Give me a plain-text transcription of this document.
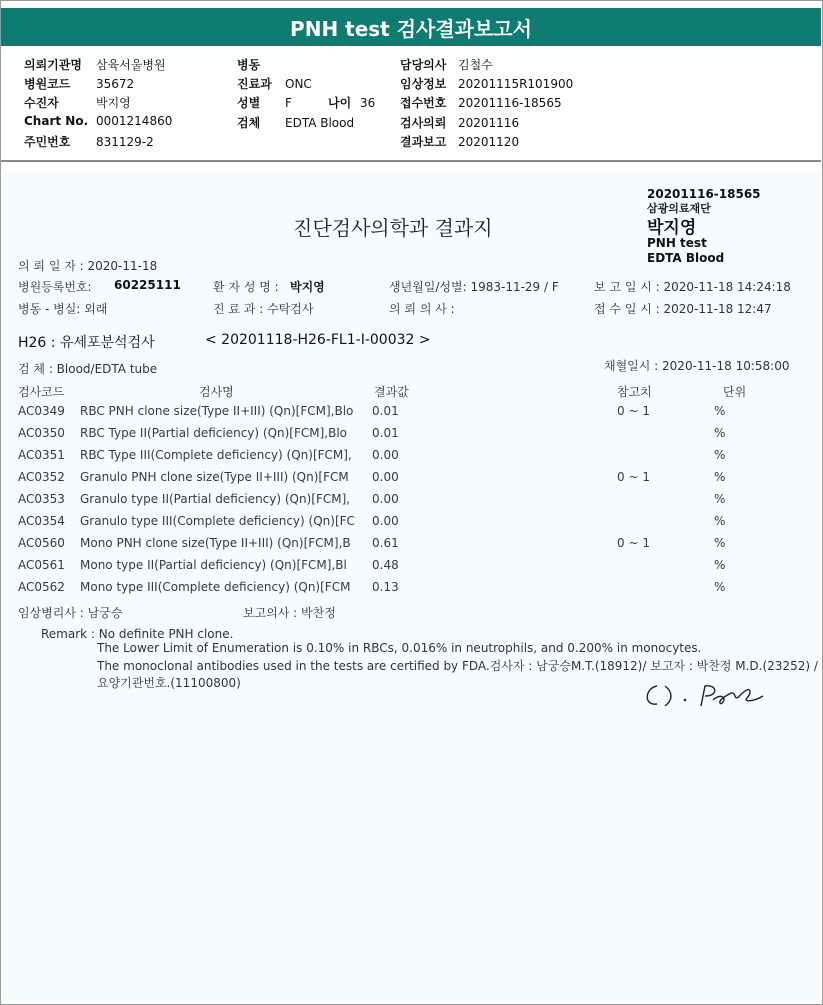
PNH test 검사결과보고서
의뢰기관명 삼육서울병원
병원코드 35672
수진자	박지영
Chart No. 0001214860
주민번호 831129-2
병동
진료과 ONC
성별 F	나이 36
검체 EDTA Blood
담당의사 김철수
임상정보 20201115R101900
접수번호 20201116-18565
검사의뢰 20201116
결과보고 20201120
20201116-18565
삼광의료재단
박지영
PNH test
EDTA Blood
진단검사의학과 결과지
의 뢰 일 자 : 2020-11-18
병원등록번호: 60225111	환 자 성 명 : 박지영	생년월일/성별: 1983-11-29 / F	보 고 일 시 : 2020-11-18 14:24:18
병동 - 병실: 외래	진 료 과 : 수탁검사	의 뢰 의 사 :	접 수 일 시 : 2020-11-18 12:47
H26 : 유세포분석검사	< 20201118-H26-FL1-I-00032 >
검 체 : Blood/EDTA tube	채혈일시 : 2020-11-18 10:58:00
검사코드	검사명	결과값	참고치	단위
AC0349 RBC PNH clone size(Type II+III) (Qn)[FCM],Blo 0.01	0 ~ 1	%
AC0350 RBC Type II(Partial deficiency) (Qn)[FCM],Blo 0.01	%
AC0351 RBC Type III(Complete deficiency) (Qn)[FCM], 0.00	%
AC0352 Granulo PNH clone size(Type II+III) (Qn)[FCM 0.00	0 ~ 1	%
AC0353 Granulo type II(Partial deficiency) (Qn)[FCM], 0.00	%
AC0354 Granulo type III(Complete deficiency) (Qn)[FC 0.00	%
AC0560 Mono PNH clone size(Type II+III) (Qn)[FCM],B 0.61	0 ~ 1	%
AC0561 Mono type II(Partial deficiency) (Qn)[FCM],Bl 0.48	%
AC0562 Mono type III(Complete deficiency) (Qn)[FCM 0.13	%
임상병리사 : 남궁승	보고의사 : 박찬정
Remark : No definite PNH clone.
The Lower Limit of Enumeration is 0.10% in RBCs, 0.016% in neutrophils, and 0.200% in monocytes.
The monoclonal antibodies used in the tests are certified by FDA.검사자 : 남궁승M.T.(18912)/ 보고자 : 박찬정 M.D.(23252) /
요양기관번호.(11100800)
